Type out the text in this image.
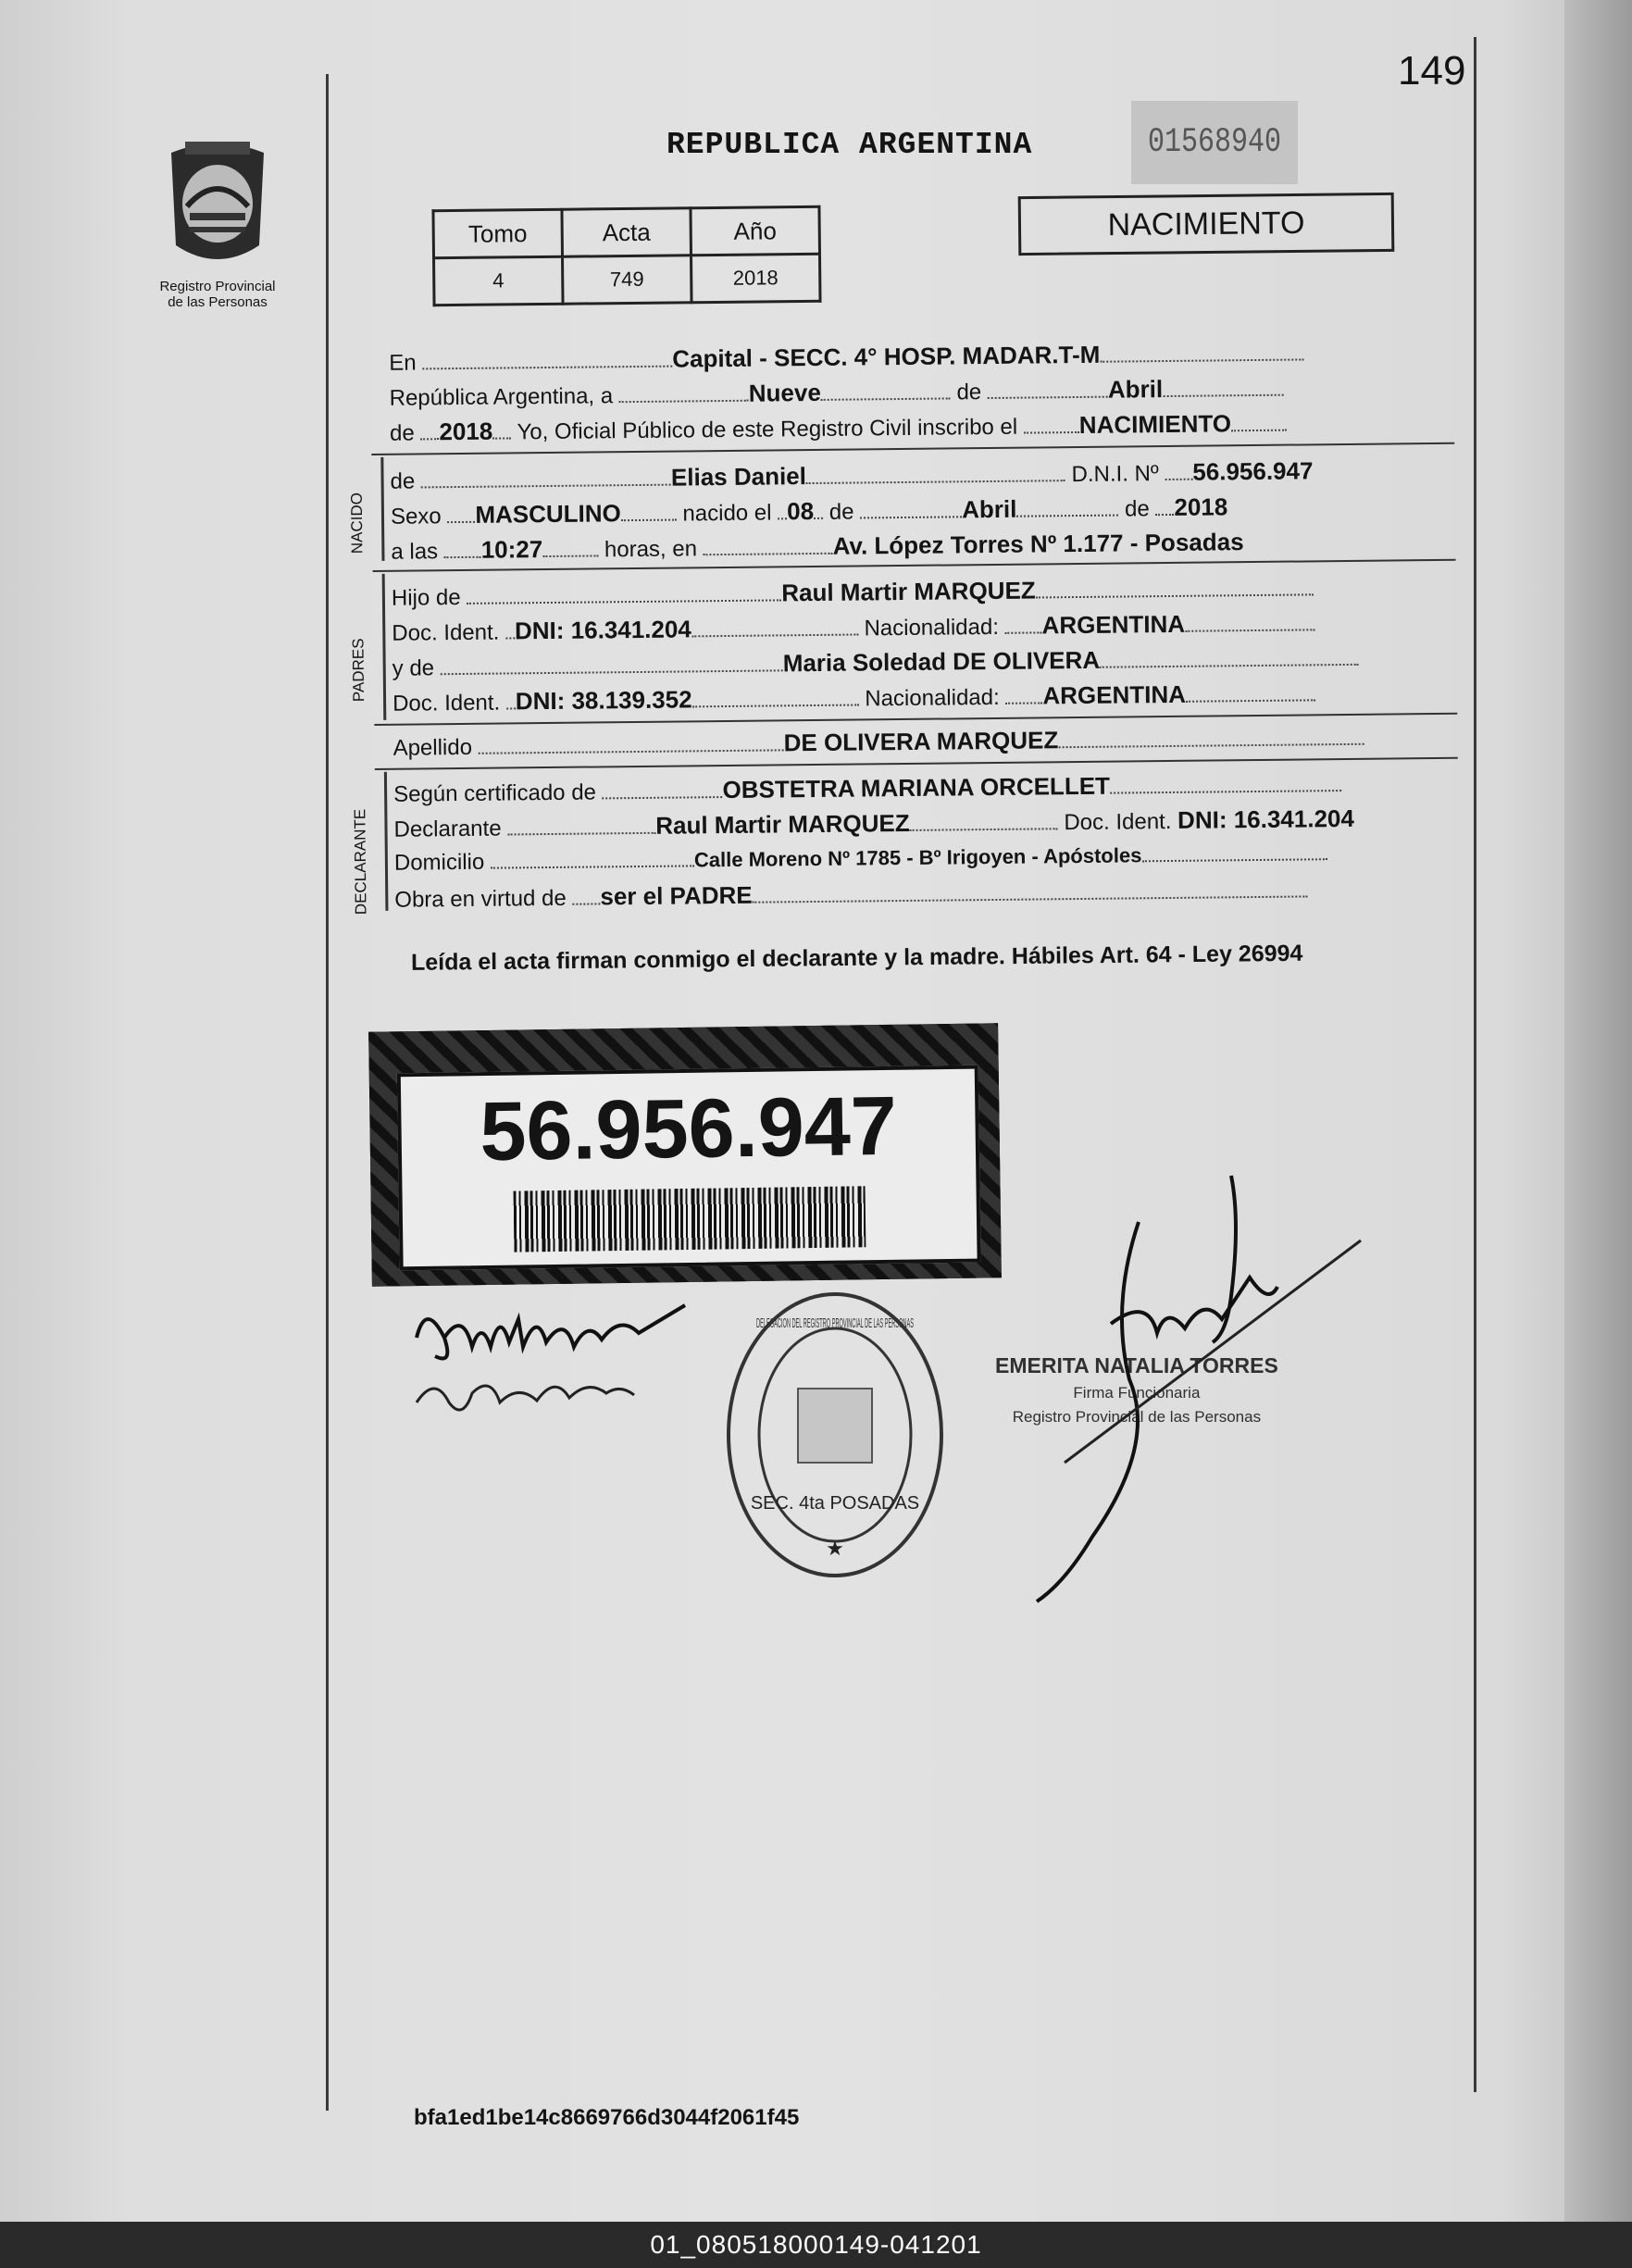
149
Registro Provincial
de las Personas
REPUBLICA ARGENTINA	01568940
Tomo	Acta	Año
4	749	2018
NACIMIENTO
En	Capital - SECC. 4° HOSP. MADAR.T-M
República Argentina, a	Nueve	de	Abril
de 2018 Yo, Oficial Público de este Registro Civil inscribo el	NACIMIENTO
NACIDO
de	Elias Daniel	D.N.I. Nº 56.956.947
Sexo MASCULINO	nacido el 08 de	Abril	de 2018
a las 10:27	horas, en	Av. López Torres Nº 1.177 - Posadas
PADRES
Hijo de	Raul Martir MARQUEZ
Doc. Ident. DNI: 16.341.204	Nacionalidad: ARGENTINA
y de	Maria Soledad DE OLIVERA
Doc. Ident. DNI: 38.139.352	Nacionalidad: ARGENTINA
Apellido	DE OLIVERA MARQUEZ
DECLARANTE
Según certificado de	OBSTETRA MARIANA ORCELLET
Declarante	Raul Martir MARQUEZ	Doc. Ident. DNI: 16.341.204
Domicilio	Calle Moreno Nº 1785 - Bº Irigoyen - Apóstoles
Obra en virtud de ser el PADRE
Leída el acta firman conmigo el declarante y la madre. Hábiles Art. 64 - Ley 26994
56.956.947
DELEGACION DEL REGISTRO PROVINCIAL DE LAS PERSONAS
SEC. 4ta POSADAS
★
EMERITA NATALIA TORRES
Firma Funcionaria
Registro Provincial de las Personas
bfa1ed1be14c8669766d3044f2061f45
01_080518000149-041201
